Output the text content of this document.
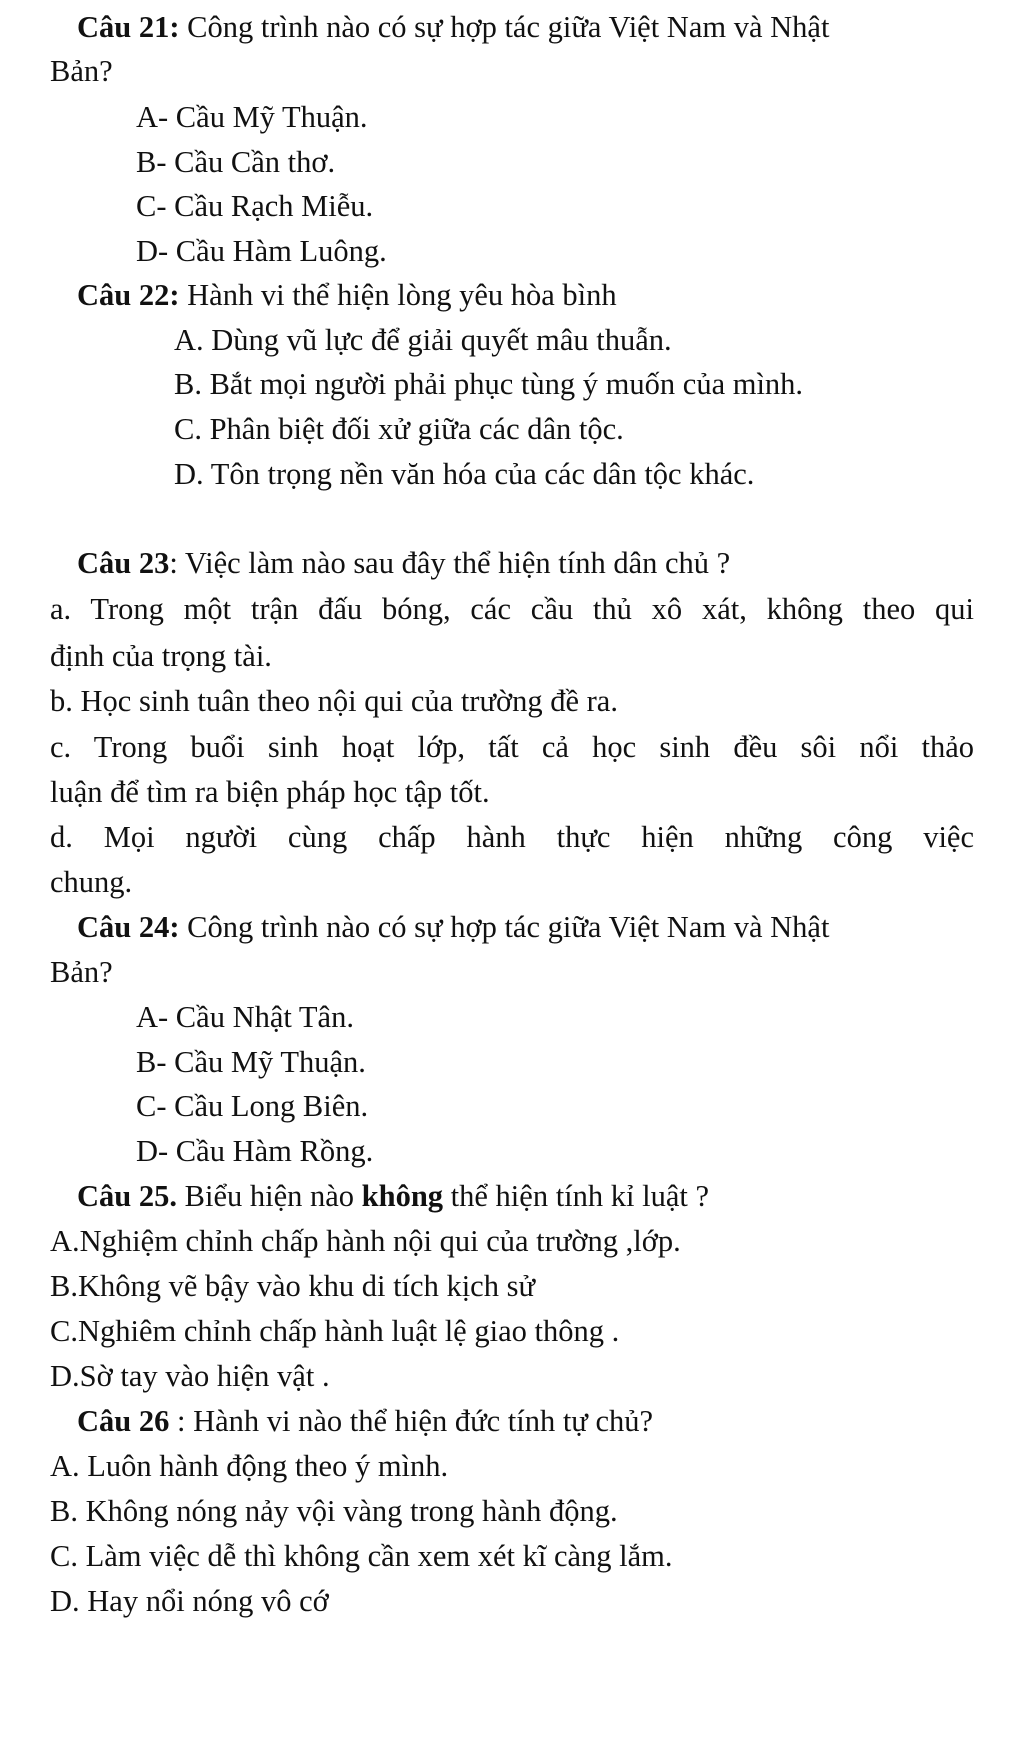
Câu 21: Công trình nào có sự hợp tác giữa Việt Nam và Nhật
Bản?
A- Cầu Mỹ Thuận.
B- Cầu Cần thơ.
C- Cầu Rạch Miễu.
D- Cầu Hàm Luông.
Câu 22: Hành vi thể hiện lòng yêu hòa bình
A. Dùng vũ lực để giải quyết mâu thuẫn.
B. Bắt mọi người phải phục tùng ý muốn của mình.
C. Phân biệt đối xử giữa các dân tộc.
D. Tôn trọng nền văn hóa của các dân tộc khác.
Câu 23: Việc làm nào sau đây thể hiện tính dân chủ ?
a. Trong một trận đấu bóng, các cầu thủ xô xát, không theo qui
định của trọng tài.
b. Học sinh tuân theo nội qui của trường đề ra.
c. Trong buổi sinh hoạt lớp, tất cả học sinh đều sôi nổi thảo
luận để tìm ra biện pháp học tập tốt.
d. Mọi người cùng chấp hành thực hiện những công việc
chung.
Câu 24: Công trình nào có sự hợp tác giữa Việt Nam và Nhật
Bản?
A- Cầu Nhật Tân.
B- Cầu Mỹ Thuận.
C- Cầu Long Biên.
D- Cầu Hàm Rồng.
Câu 25. Biểu hiện nào không thể hiện tính kỉ luật ?
A.Nghiệm chỉnh chấp hành nội qui của trường ,lớp.
B.Không vẽ bậy vào khu di tích kịch sử
C.Nghiêm chỉnh chấp hành luật lệ giao thông .
D.Sờ tay vào hiện vật .
Câu 26 : Hành vi nào thể hiện đức tính tự chủ?
A. Luôn hành động theo ý mình.
B. Không nóng nảy vội vàng trong hành động.
C. Làm việc dễ thì không cần xem xét kĩ càng lắm.
D. Hay nổi nóng vô cớ
